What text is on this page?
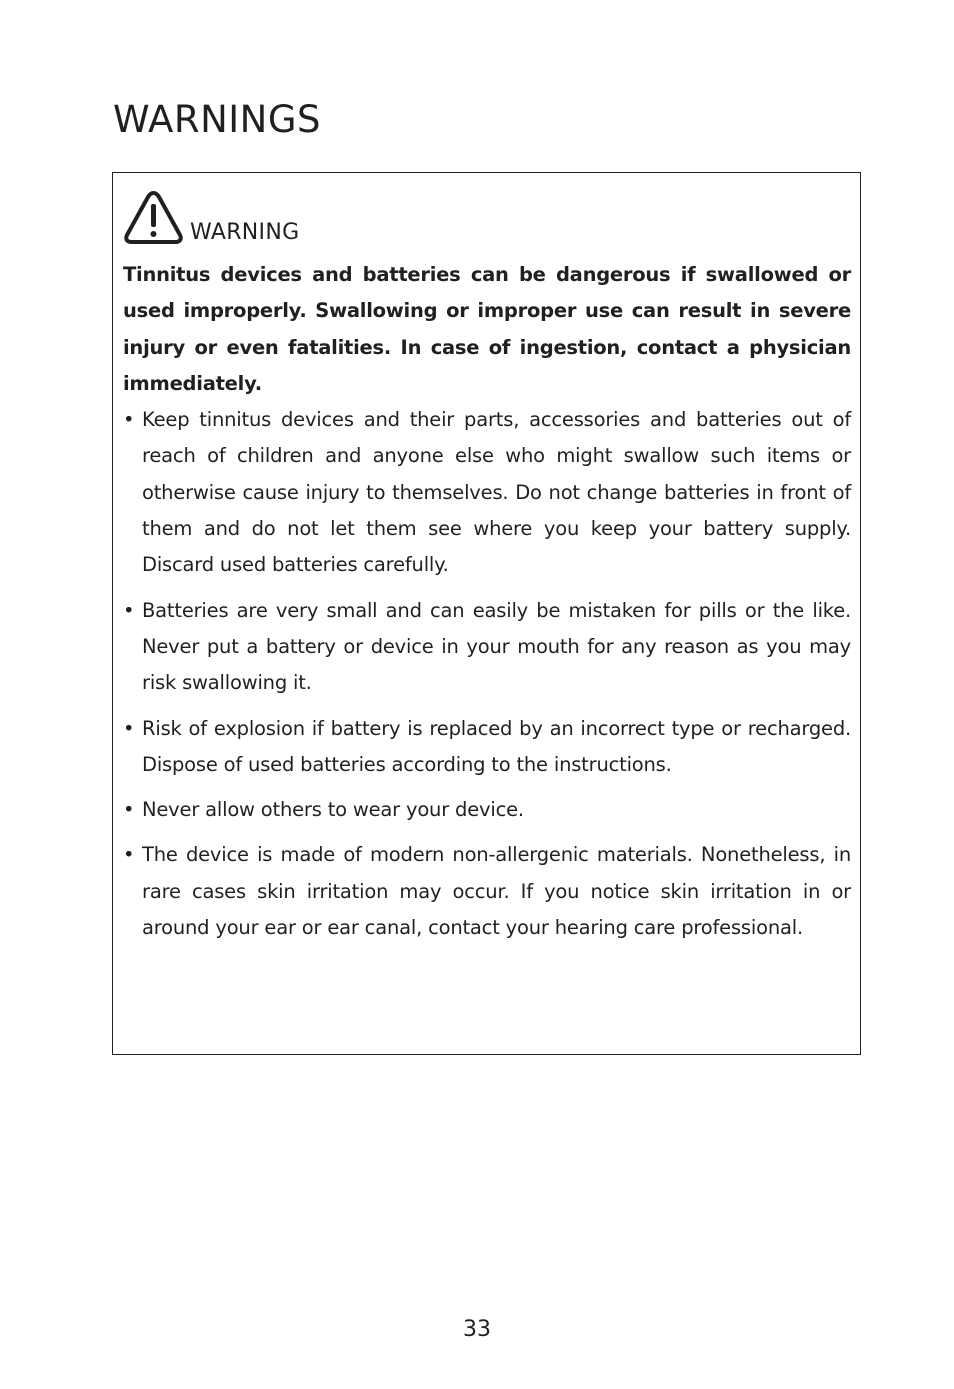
WARNINGS
WARNING

Tinnitus devices and batteries can be dangerous if swallowed or used improperly. Swallowing or improper use can result in severe injury or even fatalities. In case of ingestion, contact a physician immediately.

• Keep tinnitus devices and their parts, accessories and batteries out of reach of children and anyone else who might swallow such items or otherwise cause injury to themselves. Do not change batteries in front of them and do not let them see where you keep your battery supply. Discard used batteries carefully.
• Batteries are very small and can easily be mistaken for pills or the like. Never put a battery or device in your mouth for any reason as you may risk swallowing it.
• Risk of explosion if battery is replaced by an incorrect type or recharged. Dispose of used batteries according to the instructions.
• Never allow others to wear your device.
• The device is made of modern non-allergenic materials. Nonetheless, in rare cases skin irritation may occur. If you notice skin irritation in or around your ear or ear canal, contact your hearing care professional.
33
